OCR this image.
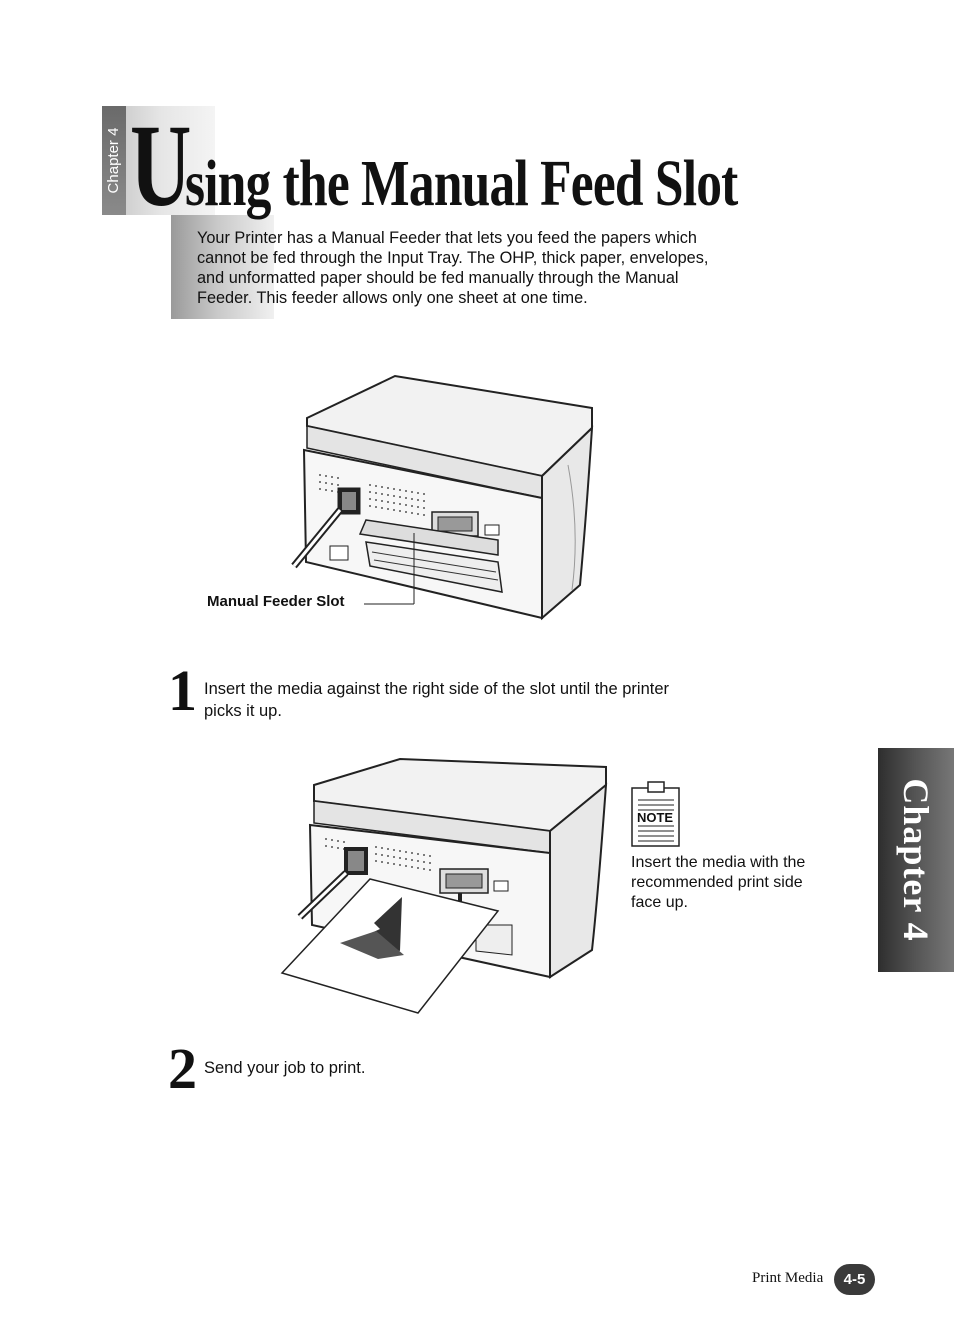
Chapter 4 Using the Manual Feed Slot
Your Printer has a Manual Feeder that lets you feed the papers which cannot be fed through the Input Tray. The OHP, thick paper, envelopes, and unformatted paper should be fed manually through the Manual Feeder. This feeder allows only one sheet at one time.
Manual Feeder Slot
1 Insert the media against the right side of the slot until the printer picks it up.
NOTE
Insert the media with the recommended print side face up.
2 Send your job to print.
Chapter 4
Print Media	4-5
